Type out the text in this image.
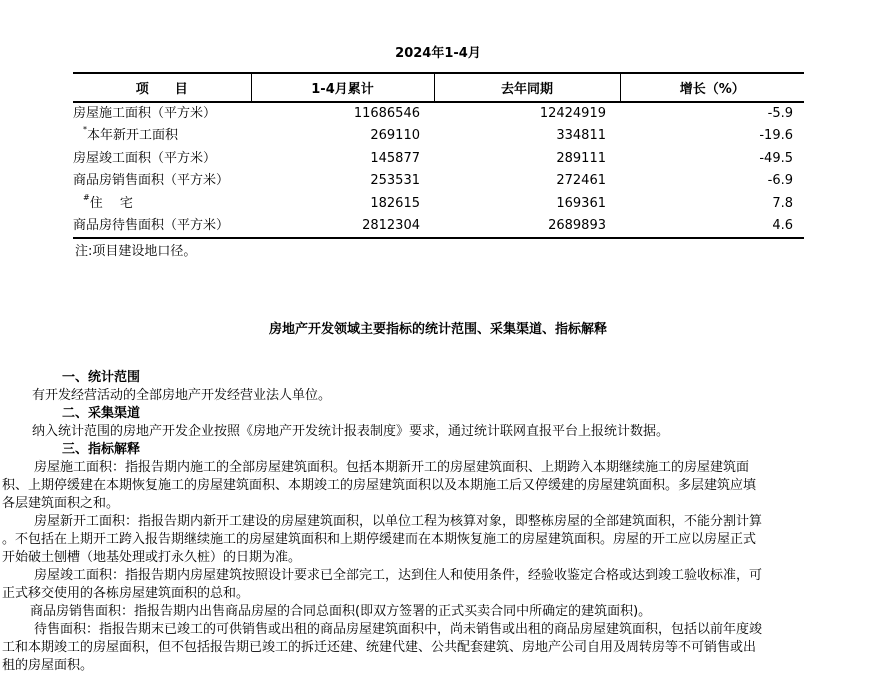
2024年1-4月
项　　目	1-4月累计	去年同期	增长（%）
房屋施工面积（平方米）	11686546	12424919	-5.9
*本年新开工面积	269110	334811	-19.6
房屋竣工面积（平方米）	145877	289111	-49.5
商品房销售面积（平方米）	253531	272461	-6.9
#住　 宅	182615	169361	7.8
商品房待售面积（平方米）	2812304	2689893	4.6
注:项目建设地口径。
房地产开发领域主要指标的统计范围、采集渠道、指标解释
一、统计范围
有开发经营活动的全部房地产开发经营业法人单位。
二、采集渠道
纳入统计范围的房地产开发企业按照《房地产开发统计报表制度》要求，通过统计联网直报平台上报统计数据。
三、指标解释
房屋施工面积：指报告期内施工的全部房屋建筑面积。包括本期新开工的房屋建筑面积、上期跨入本期继续施工的房屋建筑面
积、上期停缓建在本期恢复施工的房屋建筑面积、本期竣工的房屋建筑面积以及本期施工后又停缓建的房屋建筑面积。多层建筑应填
各层建筑面积之和。
房屋新开工面积：指报告期内新开工建设的房屋建筑面积，以单位工程为核算对象，即整栋房屋的全部建筑面积，不能分割计算
。不包括在上期开工跨入报告期继续施工的房屋建筑面积和上期停缓建而在本期恢复施工的房屋建筑面积。房屋的开工应以房屋正式
开始破土刨槽（地基处理或打永久桩）的日期为准。
房屋竣工面积：指报告期内房屋建筑按照设计要求已全部完工，达到住人和使用条件，经验收鉴定合格或达到竣工验收标准，可
正式移交使用的各栋房屋建筑面积的总和。
商品房销售面积：指报告期内出售商品房屋的合同总面积(即双方签署的正式买卖合同中所确定的建筑面积)。
待售面积：指报告期末已竣工的可供销售或出租的商品房屋建筑面积中，尚未销售或出租的商品房屋建筑面积，包括以前年度竣
工和本期竣工的房屋面积，但不包括报告期已竣工的拆迁还建、统建代建、公共配套建筑、房地产公司自用及周转房等不可销售或出
租的房屋面积。
